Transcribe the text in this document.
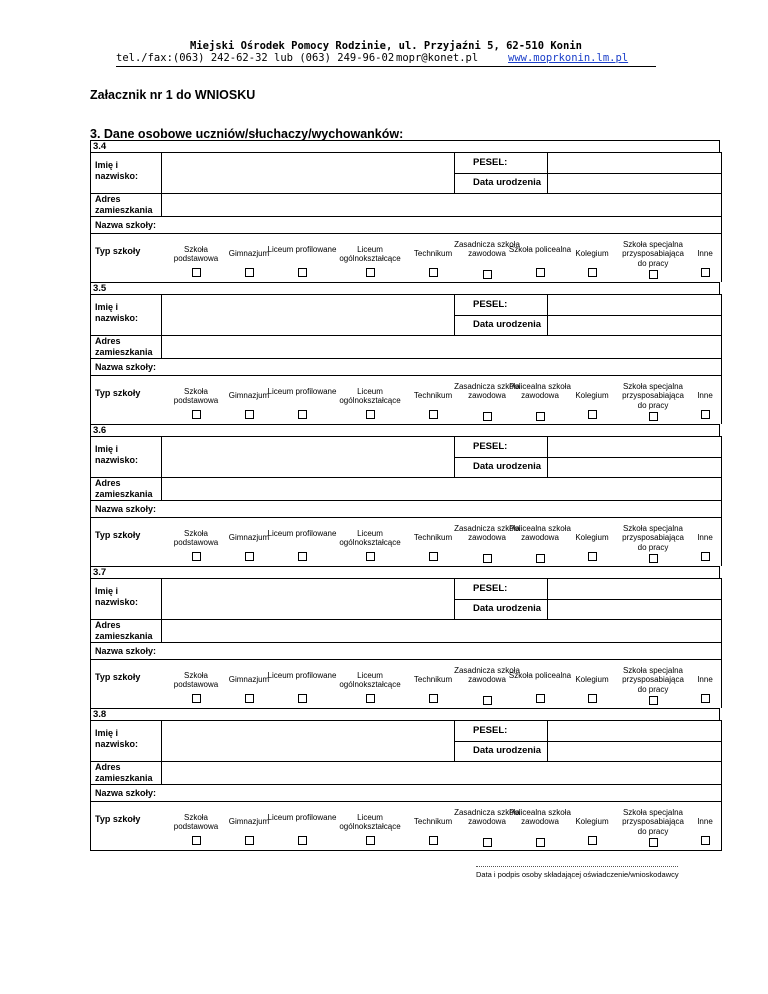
Miejski Ośrodek Pomocy Rodzinie, ul. Przyjaźni 5, 62-510 Konin
tel./fax:(063) 242-62-32 lub (063) 249-96-02 mopr@konet.pl	www.moprkonin.lm.pl
Załacznik nr 1 do WNIOSKU
3. Dane osobowe uczniów/słuchaczy/wychowanków:
3.4
Imię i nazwisko:
PESEL:
Data urodzenia
Adres zamieszkania
Nazwa szkoły:
Typ szkoły	Szkoła podstawowa
Gimnazjum
Liceum profilowane	Liceum ogólnokształcące
Technikum
Zasadnicza szkoła zawodowa
Szkoła policealna
Kolegium
Szkoła specjalna przysposabiająca do pracy
Inne
3.5
Imię i nazwisko:
PESEL:
Data urodzenia
Adres zamieszkania
Nazwa szkoły:
Typ szkoły	Szkoła podstawowa
Gimnazjum
Liceum profilowane	Liceum ogólnokształcące
Technikum
Zasadnicza szkoła zawodowa
Policealna szkoła zawodowa	Kolegium
Szkoła specjalna przysposabiająca do pracy
Inne
3.6
Imię i nazwisko:
PESEL:
Data urodzenia
Adres zamieszkania
Nazwa szkoły:
Typ szkoły	Szkoła podstawowa
Gimnazjum
Liceum profilowane	Liceum ogólnokształcące
Technikum
Zasadnicza szkoła zawodowa
Policealna szkoła zawodowa	Kolegium
Szkoła specjalna przysposabiająca do pracy
Inne
3.7
Imię i nazwisko:
PESEL:
Data urodzenia
Adres zamieszkania
Nazwa szkoły:
Typ szkoły	Szkoła podstawowa
Gimnazjum
Liceum profilowane	Liceum ogólnokształcące
Technikum
Zasadnicza szkoła zawodowa
Szkoła policealna
Kolegium
Szkoła specjalna przysposabiająca do pracy
Inne
3.8
Imię i nazwisko:
PESEL:
Data urodzenia
Adres zamieszkania
Nazwa szkoły:
Typ szkoły	Szkoła podstawowa
Gimnazjum
Liceum profilowane	Liceum ogólnokształcące
Technikum
Zasadnicza szkoła zawodowa
Policealna szkoła zawodowa	Kolegium
Szkoła specjalna przysposabiająca do pracy
Inne
Data i podpis osoby składającej oświadczenie/wnioskodawcy
